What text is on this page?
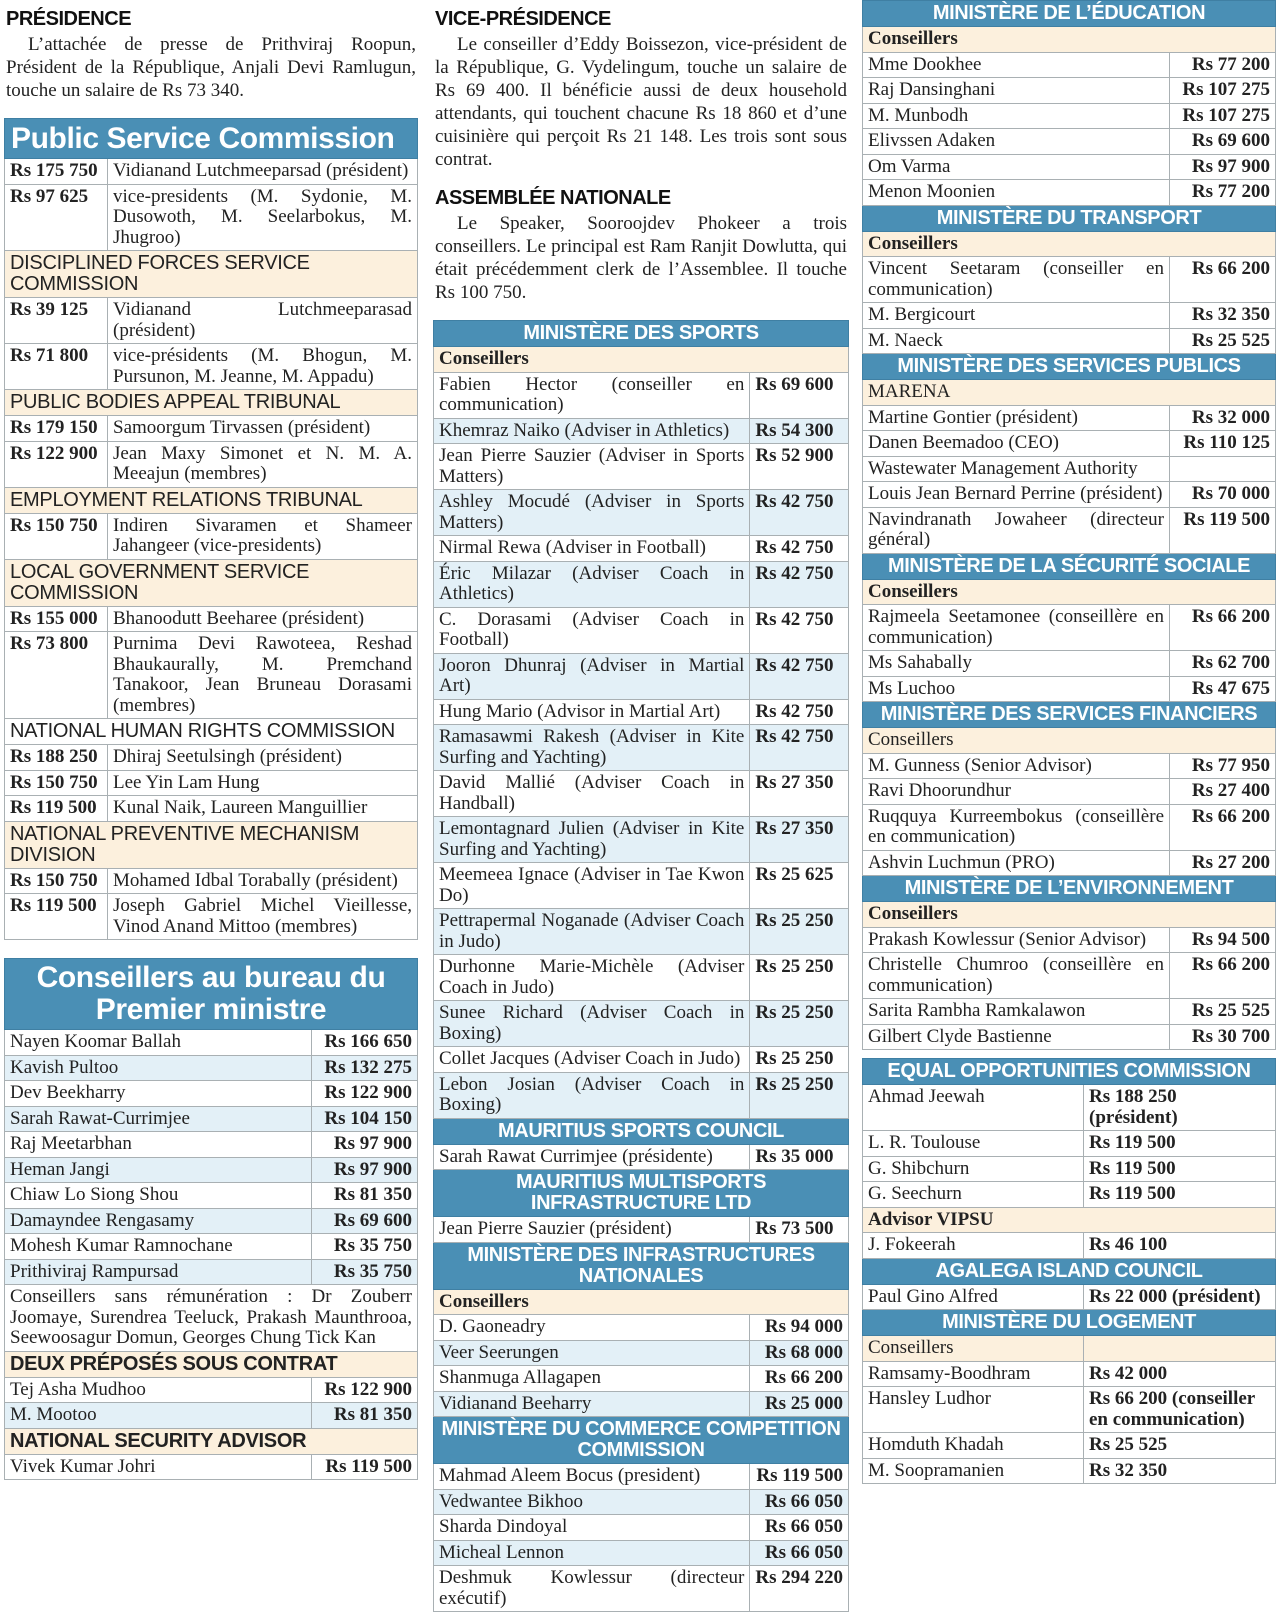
PRÉSIDENCE

L’attachée de presse de Prithviraj Roopun, Président de la République, Anjali Devi Ramlugun, touche un salaire de Rs 73 340.

Public Service Commission	
Rs 175 750	Vidianand Lutchmeeparsad (président)
Rs 97 625	vice-presidents (M. Sydonie, M. Dusowoth, M. Seelarbokus, M. Jhugroo)
DISCIPLINED FORCES SERVICE COMMISSION	
Rs 39 125	Vidianand Lutchmeeparasad (président)
Rs 71 800	vice-présidents (M. Bhogun, M. Pursunon, M. Jeanne, M. Appadu)
PUBLIC BODIES APPEAL TRIBUNAL	
Rs 179 150	Samoorgum Tirvassen (président)
Rs 122 900	Jean Maxy Simonet et N. M. A. Meeajun (membres)
EMPLOYMENT RELATIONS TRIBUNAL	
Rs 150 750	Indiren Sivaramen et Shameer Jahangeer (vice-presidents)
LOCAL GOVERNMENT SERVICE COMMISSION	
Rs 155 000	Bhanoodutt Beeharee (président)
Rs 73 800	Purnima Devi Rawoteea, Reshad Bhaukaurally, M. Premchand Tanakoor, Jean Bruneau Dorasami (membres)
NATIONAL HUMAN RIGHTS COMMISSION	
Rs 188 250	Dhiraj Seetulsingh (président)
Rs 150 750	Lee Yin Lam Hung
Rs 119 500	Kunal Naik, Laureen Manguillier
NATIONAL PREVENTIVE MECHANISM DIVISION	
Rs 150 750	Mohamed Idbal Torabally (président)
Rs 119 500	Joseph Gabriel Michel Vieillesse, Vinod Anand Mittoo (membres)
Conseillers au bureau du Premier ministre	
Nayen Koomar Ballah	Rs 166 650
Kavish Pultoo	Rs 132 275
Dev Beekharry	Rs 122 900
Sarah Rawat-Currimjee	Rs 104 150
Raj Meetarbhan	Rs 97 900
Heman Jangi	Rs 97 900
Chiaw Lo Siong Shou	Rs 81 350
Damayndee Rengasamy	Rs 69 600
Mohesh Kumar Ramnochane	Rs 35 750
Prithiviraj Rampursad	Rs 35 750
Conseillers sans rémunération : Dr Zouberr Joomaye, Surendrea Teeluck, Prakash Maunthrooa, Seewoosagur Domun, Georges Chung Tick Kan	
DEUX PRÉPOSÉS SOUS CONTRAT	
Tej Asha Mudhoo	Rs 122 900
M. Mootoo	Rs 81 350
NATIONAL SECURITY ADVISOR	
Vivek Kumar Johri	Rs 119 500
VICE-PRÉSIDENCE

Le conseiller d’Eddy Boissezon, vice-président de la République, G. Vydelingum, touche un salaire de Rs 69 400. Il bénéficie aussi de deux household attendants, qui touchent chacune Rs 18 860 et d’une cuisinière qui perçoit Rs 21 148. Les trois sont sous contrat.

ASSEMBLÉE NATIONALE

Le Speaker, Sooroojdev Phokeer a trois conseillers. Le principal est Ram Ranjit Dowlutta, qui était précédemment clerk de l’Assemblee. Il touche Rs 100 750.

MINISTÈRE DES SPORTS	
Conseillers	
Fabien Hector (conseiller en communication)	Rs 69 600
Khemraz Naiko (Adviser in Athletics)	Rs 54 300
Jean Pierre Sauzier (Adviser in Sports Matters)	Rs 52 900
Ashley Mocudé (Adviser in Sports Matters)	Rs 42 750
Nirmal Rewa (Adviser in Football)	Rs 42 750
Éric Milazar (Adviser Coach in Athletics)	Rs 42 750
C. Dorasami (Adviser Coach in Football)	Rs 42 750
Jooron Dhunraj (Adviser in Martial Art)	Rs 42 750
Hung Mario (Advisor in Martial Art)	Rs 42 750
Ramasawmi Rakesh (Adviser in Kite Surfing and Yachting)	Rs 42 750
David Mallié (Adviser Coach in Handball)	Rs 27 350
Lemontagnard Julien (Adviser in Kite Surfing and Yachting)	Rs 27 350
Meemeea Ignace (Adviser in Tae Kwon Do)	Rs 25 625
Pettrapermal Noganade (Adviser Coach in Judo)	Rs 25 250
Durhonne Marie-Michèle (Adviser Coach in Judo)	Rs 25 250
Sunee Richard (Adviser Coach in Boxing)	Rs 25 250
Collet Jacques (Adviser Coach in Judo)	Rs 25 250
Lebon Josian (Adviser Coach in Boxing)	Rs 25 250
MAURITIUS SPORTS COUNCIL	
Sarah Rawat Currimjee (présidente)	Rs 35 000
MAURITIUS MULTISPORTS INFRASTRUCTURE LTD	
Jean Pierre Sauzier (président)	Rs 73 500
MINISTÈRE DES INFRASTRUCTURES NATIONALES	
Conseillers	
D. Gaoneadry	Rs 94 000
Veer Seerungen	Rs 68 000
Shanmuga Allagapen	Rs 66 200
Vidianand Beeharry	Rs 25 000
MINISTÈRE DU COMMERCE COMPETITION COMMISSION	
Mahmad Aleem Bocus (president)	Rs 119 500
Vedwantee Bikhoo	Rs 66 050
Sharda Dindoyal	Rs 66 050
Micheal Lennon	Rs 66 050
Deshmuk Kowlessur (directeur exécutif)	Rs 294 220
MINISTÈRE DE L’ÉDUCATION	
Conseillers	
Mme Dookhee	Rs 77 200
Raj Dansinghani	Rs 107 275
M. Munbodh	Rs 107 275
Elivssen Adaken	Rs 69 600
Om Varma	Rs 97 900
Menon Moonien	Rs 77 200
MINISTÈRE DU TRANSPORT	
Conseillers	
Vincent Seetaram (conseiller en communication)	Rs 66 200
M. Bergicourt	Rs 32 350
M. Naeck	Rs 25 525
MINISTÈRE DES SERVICES PUBLICS	
MARENA	
Martine Gontier (président)	Rs 32 000
Danen Beemadoo (CEO)	Rs 110 125
Wastewater Management Authority	
Louis Jean Bernard Perrine (président)	Rs 70 000
Navindranath Jowaheer (directeur général)	Rs 119 500
MINISTÈRE DE LA SÉCURITÉ SOCIALE	
Conseillers	
Rajmeela Seetamonee (conseillère en communication)	Rs 66 200
Ms Sahabally	Rs 62 700
Ms Luchoo	Rs 47 675
MINISTÈRE DES SERVICES FINANCIERS	
Conseillers	
M. Gunness (Senior Advisor)	Rs 77 950
Ravi Dhoorundhur	Rs 27 400
Ruqquya Kurreembokus (conseillère en communication)	Rs 66 200
Ashvin Luchmun (PRO)	Rs 27 200
MINISTÈRE DE L’ENVIRONNEMENT	
Conseillers	
Prakash Kowlessur (Senior Advisor)	Rs 94 500
Christelle Chumroo (conseillère en communication)	Rs 66 200
Sarita Rambha Ramkalawon	Rs 25 525
Gilbert Clyde Bastienne	Rs 30 700
EQUAL OPPORTUNITIES COMMISSION	
Ahmad Jeewah	Rs 188 250 (président)
L. R. Toulouse	Rs 119 500
G. Shibchurn	Rs 119 500
G. Seechurn	Rs 119 500
Advisor VIPSU	
J. Fokeerah	Rs 46 100
AGALEGA ISLAND COUNCIL	
Paul Gino Alfred	Rs 22 000 (président)
MINISTÈRE DU LOGEMENT	
Conseillers	
Ramsamy-Boodhram	Rs 42 000
Hansley Ludhor	Rs 66 200 (conseiller en communication)
Homduth Khadah	Rs 25 525
M. Soopramanien	Rs 32 350
